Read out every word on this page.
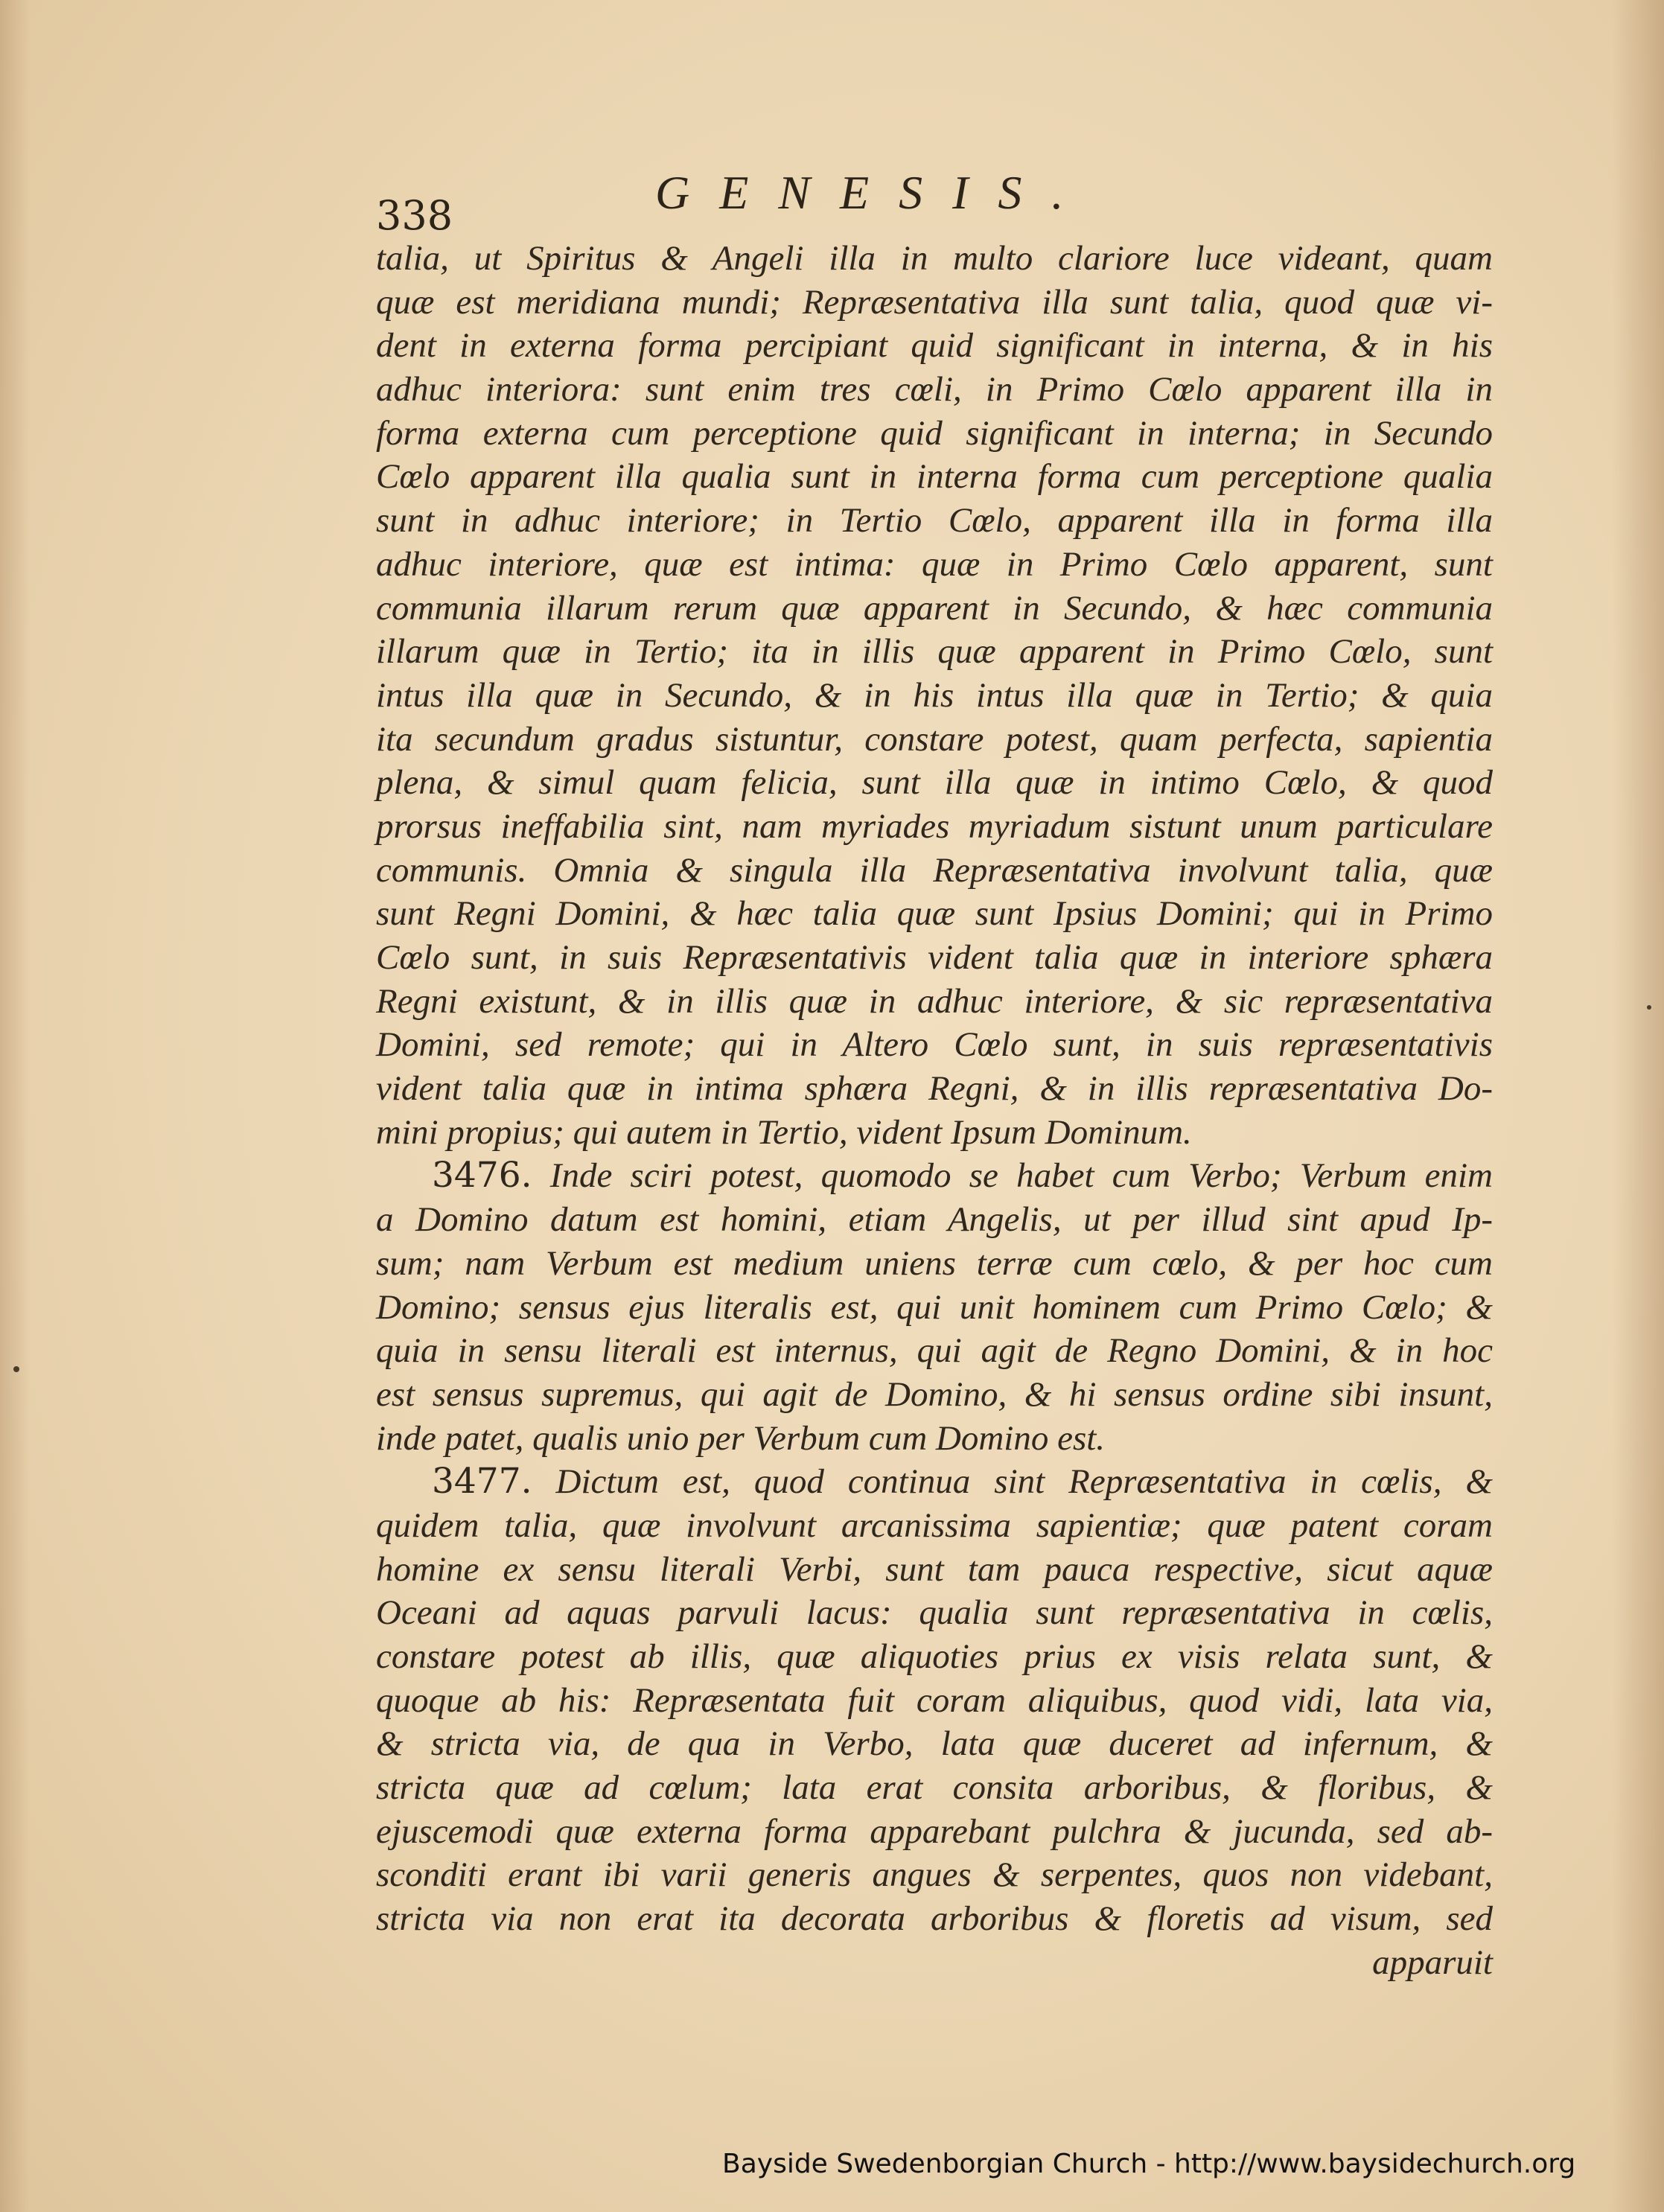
338	GENESIS.
talia, ut Spiritus & Angeli illa in multo clariore luce videant, quam
quæ est meridiana mundi; Repræsentativa illa sunt talia, quod quæ vi-
dent in externa forma percipiant quid significant in interna, & in his
adhuc interiora: sunt enim tres cœli, in Primo Cœlo apparent illa in
forma externa cum perceptione quid significant in interna; in Secundo
Cœlo apparent illa qualia sunt in interna forma cum perceptione qualia
sunt in adhuc interiore; in Tertio Cœlo, apparent illa in forma illa
adhuc interiore, quæ est intima: quæ in Primo Cœlo apparent, sunt
communia illarum rerum quæ apparent in Secundo, & hæc communia
illarum quæ in Tertio; ita in illis quæ apparent in Primo Cœlo, sunt
intus illa quæ in Secundo, & in his intus illa quæ in Tertio; & quia
ita secundum gradus sistuntur, constare potest, quam perfecta, sapientia
plena, & simul quam felicia, sunt illa quæ in intimo Cœlo, & quod
prorsus ineffabilia sint, nam myriades myriadum sistunt unum particulare
communis. Omnia & singula illa Repræsentativa involvunt talia, quæ
sunt Regni Domini, & hæc talia quæ sunt Ipsius Domini; qui in Primo
Cœlo sunt, in suis Repræsentativis vident talia quæ in interiore sphæra
Regni existunt, & in illis quæ in adhuc interiore, & sic repræsentativa
Domini, sed remote; qui in Altero Cœlo sunt, in suis repræsentativis
vident talia quæ in intima sphæra Regni, & in illis repræsentativa Do-
mini propius; qui autem in Tertio, vident Ipsum Dominum.
3476. Inde sciri potest, quomodo se habet cum Verbo; Verbum enim
a Domino datum est homini, etiam Angelis, ut per illud sint apud Ip-
sum; nam Verbum est medium uniens terræ cum cœlo, & per hoc cum
Domino; sensus ejus literalis est, qui unit hominem cum Primo Cœlo; &
quia in sensu literali est internus, qui agit de Regno Domini, & in hoc
est sensus supremus, qui agit de Domino, & hi sensus ordine sibi insunt,
inde patet, qualis unio per Verbum cum Domino est.
3477. Dictum est, quod continua sint Repræsentativa in cœlis, &
quidem talia, quæ involvunt arcanissima sapientiæ; quæ patent coram
homine ex sensu literali Verbi, sunt tam pauca respective, sicut aquæ
Oceani ad aquas parvuli lacus: qualia sunt repræsentativa in cœlis,
constare potest ab illis, quæ aliquoties prius ex visis relata sunt, &
quoque ab his: Repræsentata fuit coram aliquibus, quod vidi, lata via,
& stricta via, de qua in Verbo, lata quæ duceret ad infernum, &
stricta quæ ad cœlum; lata erat consita arboribus, & floribus, &
ejuscemodi quæ externa forma apparebant pulchra & jucunda, sed ab-
sconditi erant ibi varii generis angues & serpentes, quos non videbant,
stricta via non erat ita decorata arboribus & floretis ad visum, sed
apparuit
Bayside Swedenborgian Church - http://www.baysidechurch.org
